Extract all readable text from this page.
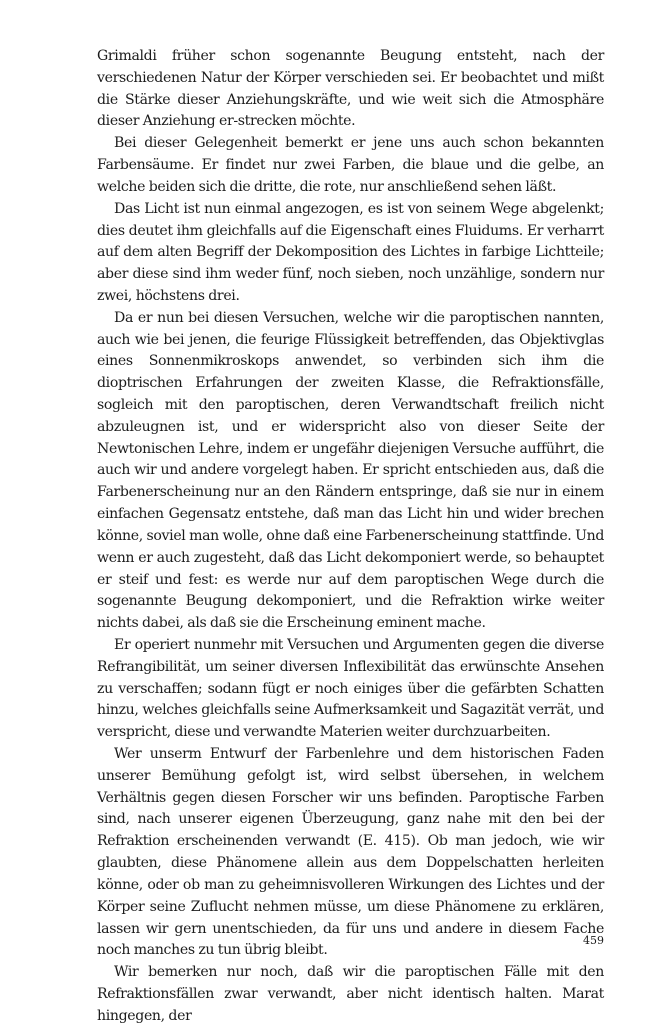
Grimaldi früher schon sogenannte Beugung entsteht, nach der verschiedenen Natur der Körper verschieden sei. Er beobachtet und mißt die Stärke dieser Anziehungskräfte, und wie weit sich die Atmosphäre dieser Anziehung er-strecken möchte.

Bei dieser Gelegenheit bemerkt er jene uns auch schon bekannten Farbensäume. Er findet nur zwei Farben, die blaue und die gelbe, an welche beiden sich die dritte, die rote, nur anschließend sehen läßt.

Das Licht ist nun einmal angezogen, es ist von seinem Wege abgelenkt; dies deutet ihm gleichfalls auf die Eigenschaft eines Fluidums. Er verharrt auf dem alten Begriff der Dekomposition des Lichtes in farbige Lichtteile; aber diese sind ihm weder fünf, noch sieben, noch unzählige, sondern nur zwei, höchstens drei.

Da er nun bei diesen Versuchen, welche wir die paroptischen nannten, auch wie bei jenen, die feurige Flüssigkeit betreffenden, das Objektivglas eines Sonnenmikroskops anwendet, so verbinden sich ihm die dioptrischen Erfahrungen der zweiten Klasse, die Refraktionsfälle, sogleich mit den paroptischen, deren Verwandtschaft freilich nicht abzuleugnen ist, und er widerspricht also von dieser Seite der Newtonischen Lehre, indem er ungefähr diejenigen Versuche aufführt, die auch wir und andere vorgelegt haben. Er spricht entschieden aus, daß die Farbenerscheinung nur an den Rändern entspringe, daß sie nur in einem einfachen Gegensatz entstehe, daß man das Licht hin und wider brechen könne, soviel man wolle, ohne daß eine Farbenerscheinung stattfinde. Und wenn er auch zugesteht, daß das Licht dekomponiert werde, so behauptet er steif und fest: es werde nur auf dem paroptischen Wege durch die sogenannte Beugung dekomponiert, und die Refraktion wirke weiter nichts dabei, als daß sie die Erscheinung eminent mache.

Er operiert nunmehr mit Versuchen und Argumenten gegen die diverse Refrangibilität, um seiner diversen Inflexibilität das erwünschte Ansehen zu verschaffen; sodann fügt er noch einiges über die gefärbten Schatten hinzu, welches gleichfalls seine Aufmerksamkeit und Sagazität verrät, und verspricht, diese und verwandte Materien weiter durchzuarbeiten.

Wer unserm Entwurf der Farbenlehre und dem historischen Faden unserer Bemühung gefolgt ist, wird selbst übersehen, in welchem Verhältnis gegen diesen Forscher wir uns befinden. Paroptische Farben sind, nach unserer eigenen Überzeugung, ganz nahe mit den bei der Refraktion erscheinenden verwandt (E. 415). Ob man jedoch, wie wir glaubten, diese Phänomene allein aus dem Doppelschatten herleiten könne, oder ob man zu geheimnisvolleren Wirkungen des Lichtes und der Körper seine Zuflucht nehmen müsse, um diese Phänomene zu erklären, lassen wir gern unentschieden, da für uns und andere in diesem Fache noch manches zu tun übrig bleibt.

Wir bemerken nur noch, daß wir die paroptischen Fälle mit den Refraktionsfällen zwar verwandt, aber nicht identisch halten. Marat hingegen, der

459
